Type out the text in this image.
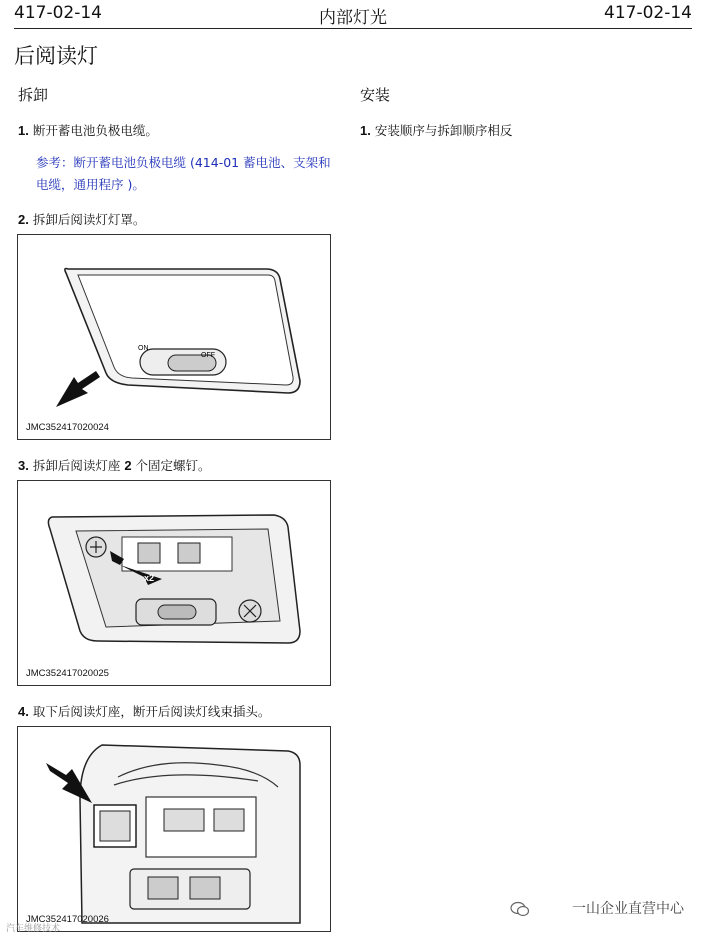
417-02-14	内部灯光	417-02-14
后阅读灯
拆卸
1. 断开蓄电池负极电缆。
参考：断开蓄电池负极电缆 (414-01 蓄电池、支架和电缆，通用程序 )。
2. 拆卸后阅读灯灯罩。
ON
OFF
JMC352417020024
3. 拆卸后阅读灯座 2 个固定螺钉。
x2
JMC352417020025
4. 取下后阅读灯座，断开后阅读灯线束插头。
JMC352417020026
安装
1. 安装顺序与拆卸顺序相反
一山企业直营中心
汽车维修技术
